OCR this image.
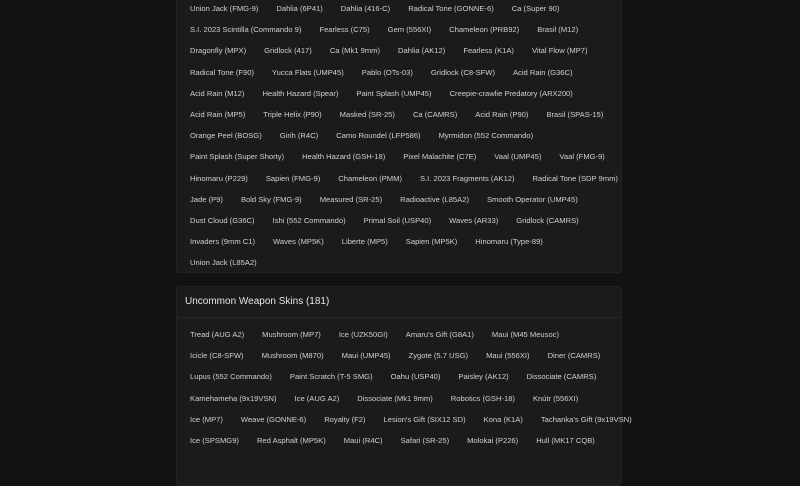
Union Jack (FMG-9) Dahlia (6P41) Dahlia (416-C) Radical Tone (GONNE-6) Ca (Super 90)
S.I. 2023 Scintilla (Commando 9) Fearless (C75) Gem (556XI) Chameleon (PRB92) Brasil (M12)
Dragonfly (MPX) Gridlock (417) Ca (Mk1 9mm) Dahlia (AK12) Fearless (K1A) Vital Flow (MP7)
Radical Tone (F90) Yucca Flats (UMP45) Pablo (OTs-03) Gridlock (C8-SFW) Acid Rain (G36C)
Acid Rain (M12) Health Hazard (Spear) Paint Splash (UMP45) Creepie-crawlie Predatory (ARX200)
Acid Rain (MP5) Triple Helix (P90) Masked (SR-25) Ca (CAMRS) Acid Rain (P90) Brasil (SPAS-15)
Orange Peel (BOSG) Girih (R4C) Camo Roundel (LFP586) Myrmidon (552 Commando)
Paint Splash (Super Shorty) Health Hazard (GSH-18) Pixel Malachite (C7E) Vaal (UMP45) Vaal (FMG-9)
Hinomaru (P229) Sapien (FMG-9) Chameleon (PMM) S.I. 2023 Fragments (AK12) Radical Tone (SDP 9mm)
Jade (P9) Bold Sky (FMG-9) Measured (SR-25) Radioactive (L85A2) Smooth Operator (UMP45)
Dust Cloud (G36C) Ishi (552 Commando) Primal Soil (USP40) Waves (AR33) Gridlock (CAMRS)
Invaders (9mm C1) Waves (MP5K) Liberte (MP5) Sapien (MP5K) Hinomaru (Type-89)
Union Jack (L85A2)
Uncommon Weapon Skins (181)
Tread (AUG A2) Mushroom (MP7) Ice (UZK50GI) Amaru's Gift (G8A1) Maui (M45 Meusoc)
Icicle (C8-SFW) Mushroom (M870) Maui (UMP45) Zygote (5.7 USG) Maui (556XI) Diner (CAMRS)
Lupus (552 Commando) Paint Scratch (T-5 SMG) Oahu (USP40) Paisley (AK12) Dissociate (CAMRS)
Kamehameha (9x19VSN) Ice (AUG A2) Dissociate (Mk1 9mm) Robotics (GSH-18) Knútr (556XI)
Ice (MP7) Weave (GONNE-6) Royalty (F2) Lesion's Gift (SIX12 SD) Kona (K1A) Tachanka's Gift (9x19VSN)
Ice (SPSMG9) Red Asphalt (MP5K) Maui (R4C) Safari (SR-25) Molokai (P226) Hull (MK17 CQB)
